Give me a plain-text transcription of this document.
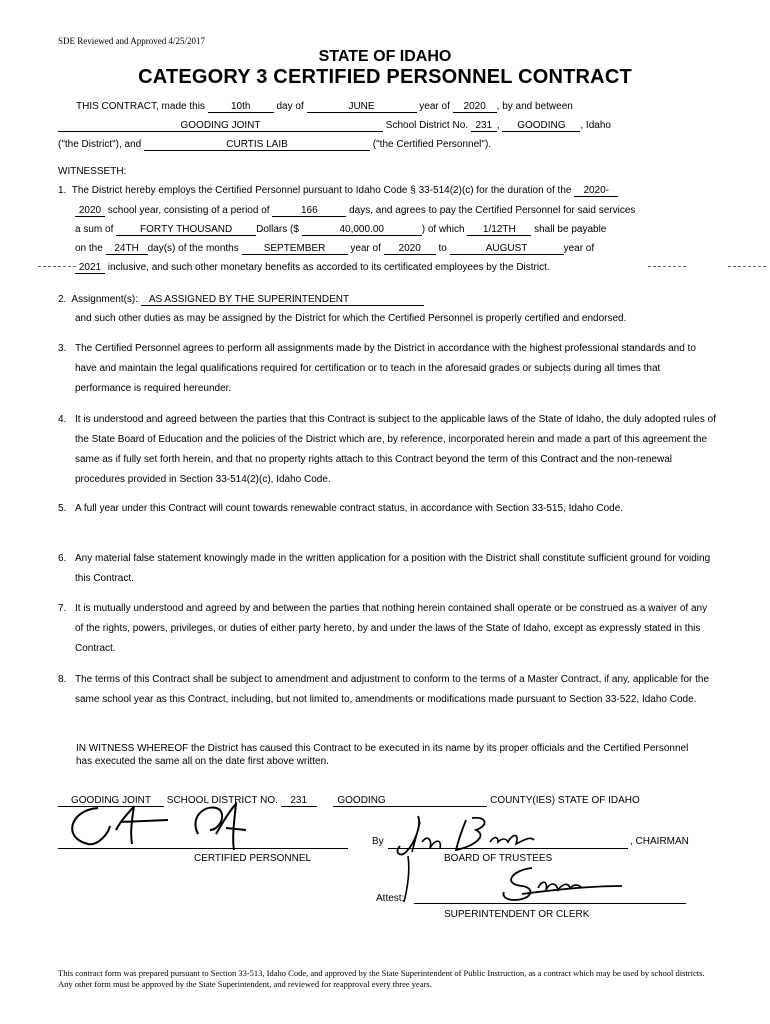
SDE Reviewed and Approved 4/25/2017
STATE OF IDAHO
CATEGORY 3 CERTIFIED PERSONNEL CONTRACT
THIS CONTRACT, made this	10th	day of	JUNE	year of 2020 , by and between
GOODING JOINT	School District No. 231 , GOODING , Idaho
("the District"), and	CURTIS LAIB	("the Certified Personnel").
WITNESSETH:
1. The District hereby employs the Certified Personnel pursuant to Idaho Code § 33-514(2)(c) for the duration of the 2020-
2020 school year, consisting of a period of	166	days, and agrees to pay the Certified Personnel for said services
a sum of	FORTY THOUSAND Dollars ($	40,000.00	) of which 1/12TH shall be payable
on the 24TH day(s) of the months SEPTEMBER year of 2020 to	AUGUST	year of
2021 inclusive, and such other monetary benefits as accorded to its certificated employees by the District.
2. Assignment(s): AS ASSIGNED BY THE SUPERINTENDENT
and such other duties as may be assigned by the District for which the Certified Personnel is properly certified and endorsed.
3. The Certified Personnel agrees to perform all assignments made by the District in accordance with the highest professional standards and to have and maintain the legal qualifications required for certification or to teach in the aforesaid grades or subjects during all times that performance is required hereunder.
4. It is understood and agreed between the parties that this Contract is subject to the applicable laws of the State of Idaho, the duly adopted rules of the State Board of Education and the policies of the District which are, by reference, incorporated herein and made a part of this agreement the same as if fully set forth herein, and that no property rights attach to this Contract beyond the term of this Contract and the non-renewal procedures provided in Section 33-514(2)(c), Idaho Code.
5. A full year under this Contract will count towards renewable contract status, in accordance with Section 33-515, Idaho Code.
6. Any material false statement knowingly made in the written application for a position with the District shall constitute sufficient ground for voiding this Contract.
7. It is mutually understood and agreed by and between the parties that nothing herein contained shall operate or be construed as a waiver of any of the rights, powers, privileges, or duties of either party hereto, by and under the laws of the State of Idaho, except as expressly stated in this Contract.
8. The terms of this Contract shall be subject to amendment and adjustment to conform to the terms of a Master Contract, if any, applicable for the same school year as this Contract, including, but not limited to, amendments or modifications made pursuant to Section 33-522, Idaho Code.
IN WITNESS WHEREOF the District has caused this Contract to be executed in its name by its proper officials and the Certified Personnel has executed the same all on the date first above written.
GOODING JOINT SCHOOL DISTRICT NO. 231	GOODING	COUNTY(IES) STATE OF IDAHO
CERTIFIED PERSONNEL
By	, CHAIRMAN
BOARD OF TRUSTEES
Attest:
SUPERINTENDENT OR CLERK
This contract form was prepared pursuant to Section 33-513, Idaho Code, and approved by the State Superintendent of Public Instruction, as a contract which may be used by school districts. Any other form must be approved by the State Superintendent, and reviewed for reapproval every three years.
